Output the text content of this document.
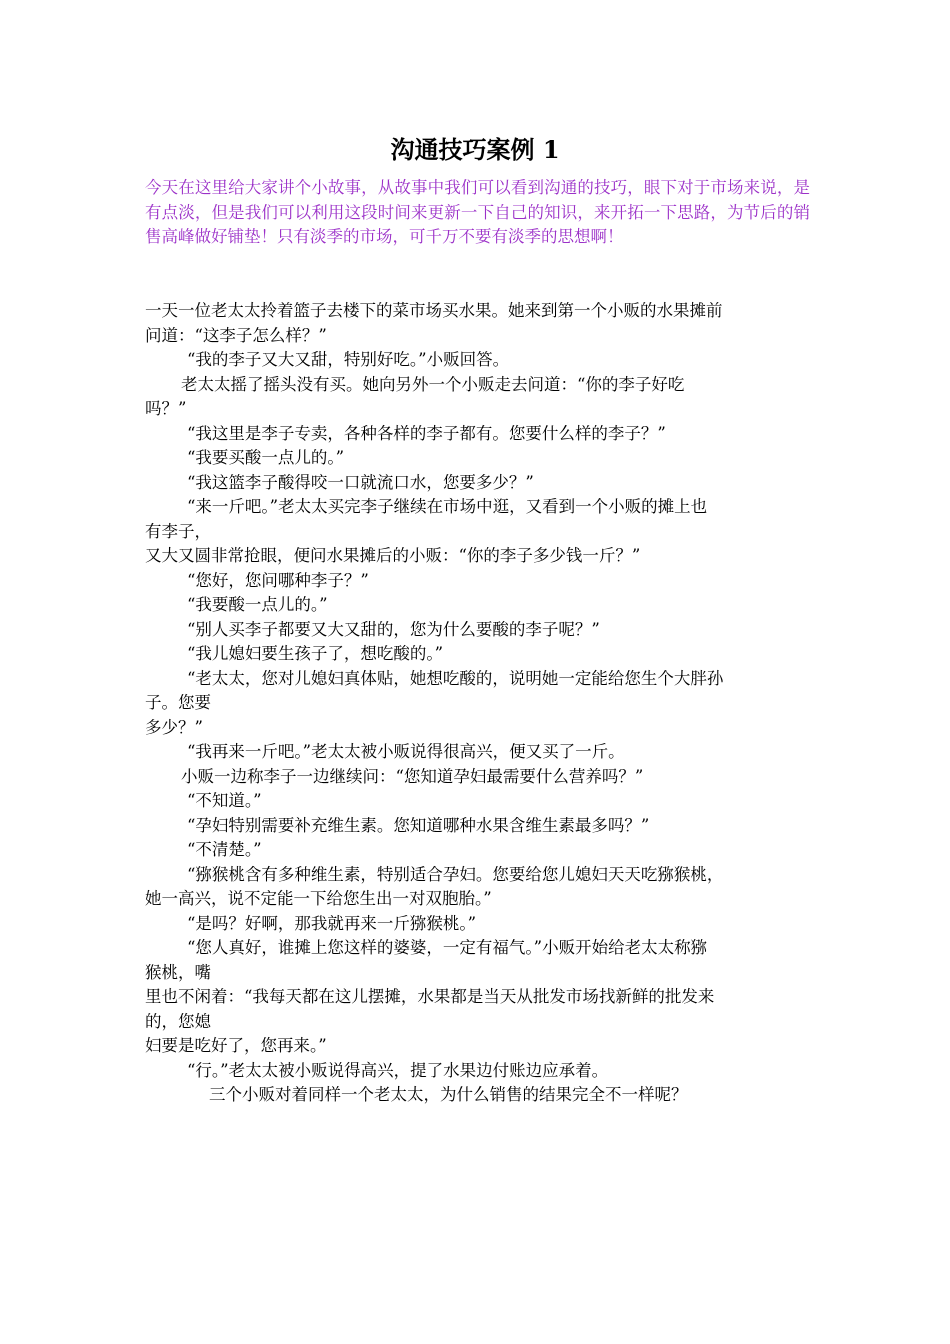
沟通技巧案例 1
今天在这里给大家讲个小故事，从故事中我们可以看到沟通的技巧，眼下对于市场来说，是有点淡，但是我们可以利用这段时间来更新一下自己的知识，来开拓一下思路，为节后的销售高峰做好铺垫！只有淡季的市场，可千万不要有淡季的思想啊！
一天一位老太太拎着篮子去楼下的菜市场买水果。她来到第一个小贩的水果摊前
问道：“这李子怎么样？”
“我的李子又大又甜，特别好吃。”小贩回答。
老太太摇了摇头没有买。她向另外一个小贩走去问道：“你的李子好吃
吗？”
“我这里是李子专卖，各种各样的李子都有。您要什么样的李子？”
“我要买酸一点儿的。”
“我这篮李子酸得咬一口就流口水，您要多少？”
“来一斤吧。”老太太买完李子继续在市场中逛，又看到一个小贩的摊上也
有李子，
又大又圆非常抢眼，便问水果摊后的小贩：“你的李子多少钱一斤？”
“您好，您问哪种李子？”
“我要酸一点儿的。”
“别人买李子都要又大又甜的，您为什么要酸的李子呢？”
“我儿媳妇要生孩子了，想吃酸的。”
“老太太，您对儿媳妇真体贴，她想吃酸的，说明她一定能给您生个大胖孙
子。您要
多少？”
“我再来一斤吧。”老太太被小贩说得很高兴，便又买了一斤。
小贩一边称李子一边继续问：“您知道孕妇最需要什么营养吗？”
“不知道。”
“孕妇特别需要补充维生素。您知道哪种水果含维生素最多吗？”
“不清楚。”
“猕猴桃含有多种维生素，特别适合孕妇。您要给您儿媳妇天天吃猕猴桃，
她一高兴，说不定能一下给您生出一对双胞胎。”
“是吗？好啊，那我就再来一斤猕猴桃。”
“您人真好，谁摊上您这样的婆婆，一定有福气。”小贩开始给老太太称猕
猴桃，嘴
里也不闲着：“我每天都在这儿摆摊，水果都是当天从批发市场找新鲜的批发来
的，您媳
妇要是吃好了，您再来。”
“行。”老太太被小贩说得高兴，提了水果边付账边应承着。
三个小贩对着同样一个老太太，为什么销售的结果完全不一样呢？
